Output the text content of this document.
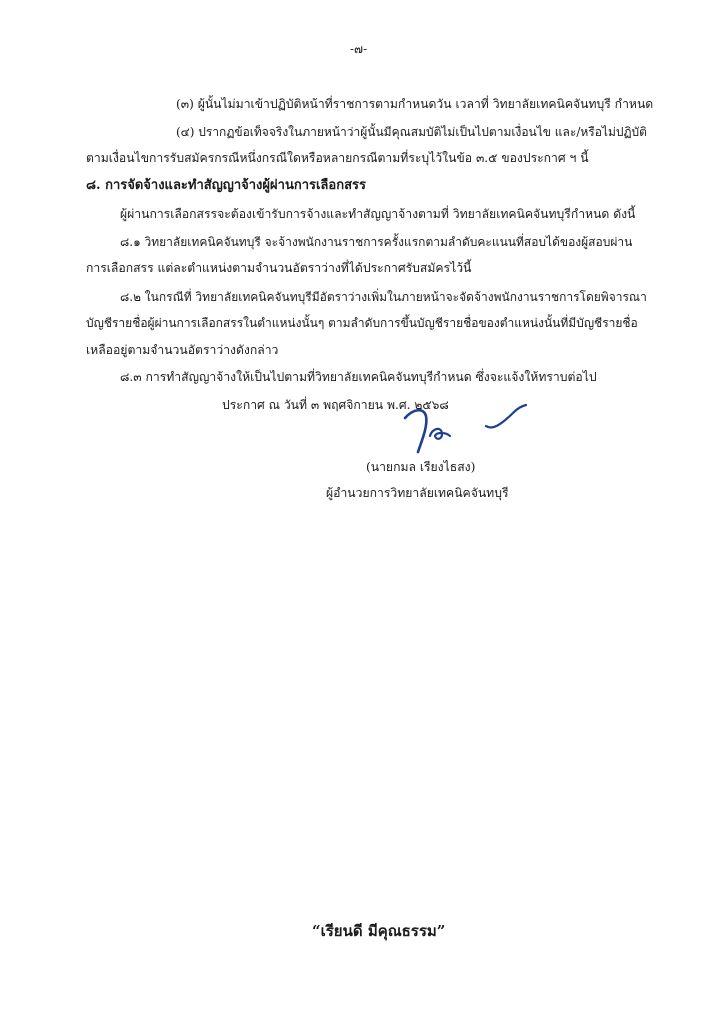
-๗-
(๓) ผู้นั้นไม่มาเข้าปฏิบัติหน้าที่ราชการตามกำหนดวัน เวลาที่ วิทยาลัยเทคนิคจันทบุรี กำหนด
(๔) ปรากฏข้อเท็จจริงในภายหน้าว่าผู้นั้นมีคุณสมบัติไม่เป็นไปตามเงื่อนไข และ/หรือไม่ปฏิบัติ
ตามเงื่อนไขการรับสมัครกรณีหนึ่งกรณีใดหรือหลายกรณีตามที่ระบุไว้ในข้อ ๓.๕ ของประกาศ ฯ นี้
๘. การจัดจ้างและทำสัญญาจ้างผู้ผ่านการเลือกสรร
ผู้ผ่านการเลือกสรรจะต้องเข้ารับการจ้างและทำสัญญาจ้างตามที่ วิทยาลัยเทคนิคจันทบุรีกำหนด ดังนี้
๘.๑ วิทยาลัยเทคนิคจันทบุรี จะจ้างพนักงานราชการครั้งแรกตามลำดับคะแนนที่สอบได้ของผู้สอบผ่าน
การเลือกสรร แต่ละตำแหน่งตามจำนวนอัตราว่างที่ได้ประกาศรับสมัครไว้นี้
๘.๒ ในกรณีที่ วิทยาลัยเทคนิคจันทบุรีมีอัตราว่างเพิ่มในภายหน้าจะจัดจ้างพนักงานราชการโดยพิจารณา
บัญชีรายชื่อผู้ผ่านการเลือกสรรในตำแหน่งนั้นๆ ตามลำดับการขึ้นบัญชีรายชื่อของตำแหน่งนั้นที่มีบัญชีรายชื่อ
เหลืออยู่ตามจำนวนอัตราว่างดังกล่าว
๘.๓ การทำสัญญาจ้างให้เป็นไปตามที่วิทยาลัยเทคนิคจันทบุรีกำหนด ซึ่งจะแจ้งให้ทราบต่อไป
ประกาศ ณ วันที่ ๓ พฤศจิกายน พ.ศ. ๒๕๖๘
(นายกมล เรียงไธสง)
ผู้อำนวยการวิทยาลัยเทคนิคจันทบุรี
“เรียนดี มีคุณธรรม”
